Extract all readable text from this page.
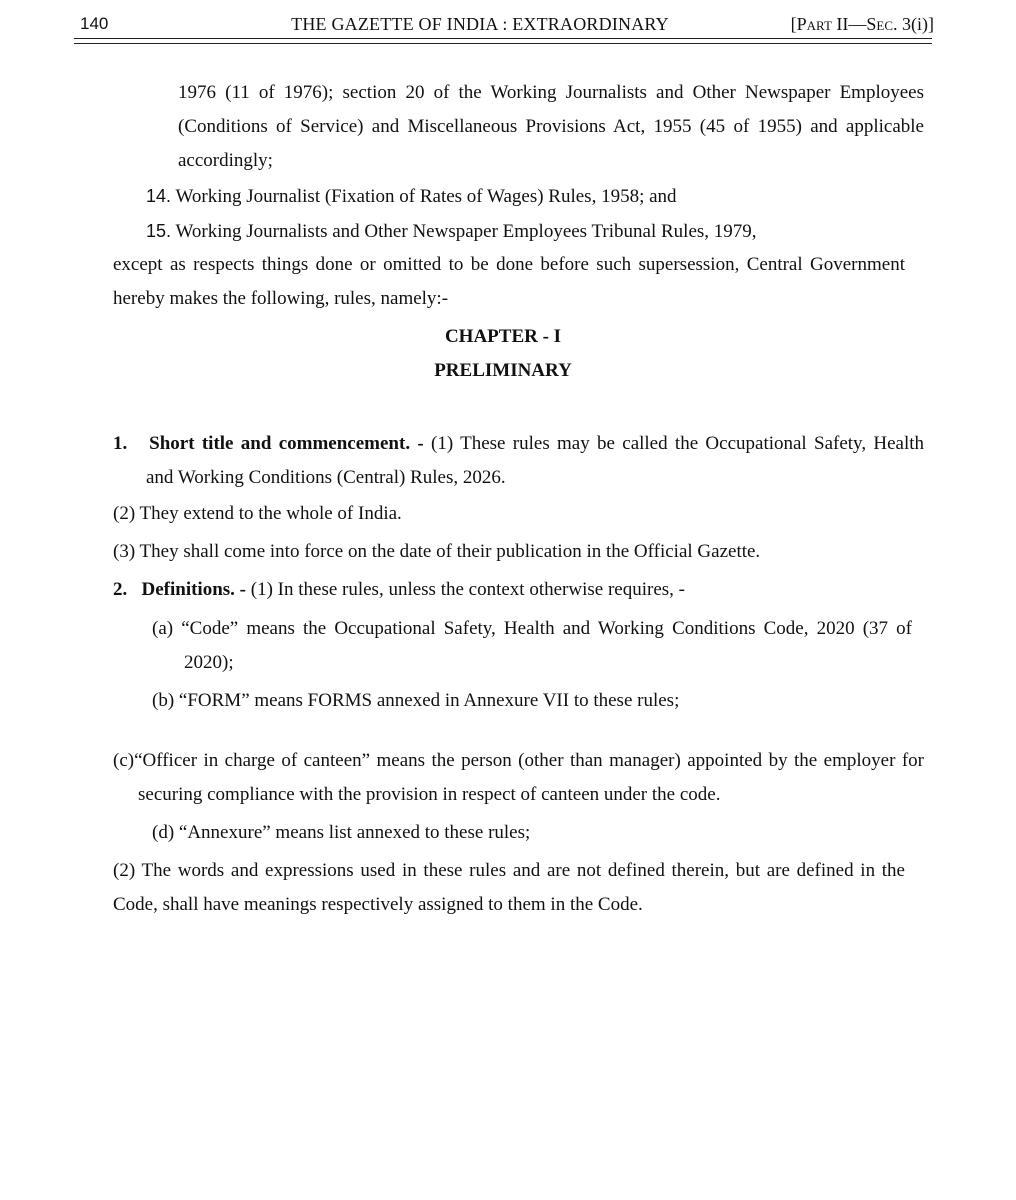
140	THE GAZETTE OF INDIA : EXTRAORDINARY	[Part II—Sec. 3(i)]
1976 (11 of 1976); section 20 of the Working Journalists and Other Newspaper Employees
(Conditions of Service) and Miscellaneous Provisions Act, 1955 (45 of 1955) and applicable
accordingly;
14. Working Journalist (Fixation of Rates of Wages) Rules, 1958; and
15. Working Journalists and Other Newspaper Employees Tribunal Rules, 1979,
except as respects things done or omitted to be done before such supersession, Central Government
hereby makes the following, rules, namely:-
CHAPTER - I
PRELIMINARY
1. Short title and commencement. - (1) These rules may be called the Occupational Safety, Health
and Working Conditions (Central) Rules, 2026.
(2) They extend to the whole of India.
(3) They shall come into force on the date of their publication in the Official Gazette.
2. Definitions. - (1) In these rules, unless the context otherwise requires, -
(a) “Code” means the Occupational Safety, Health and Working Conditions Code, 2020 (37 of
2020);
(b) “FORM” means FORMS annexed in Annexure VII to these rules;
(c)“Officer in charge of canteen” means the person (other than manager) appointed by the employer for
securing compliance with the provision in respect of canteen under the code.
(d) “Annexure” means list annexed to these rules;
(2) The words and expressions used in these rules and are not defined therein, but are defined in the
Code, shall have meanings respectively assigned to them in the Code.
